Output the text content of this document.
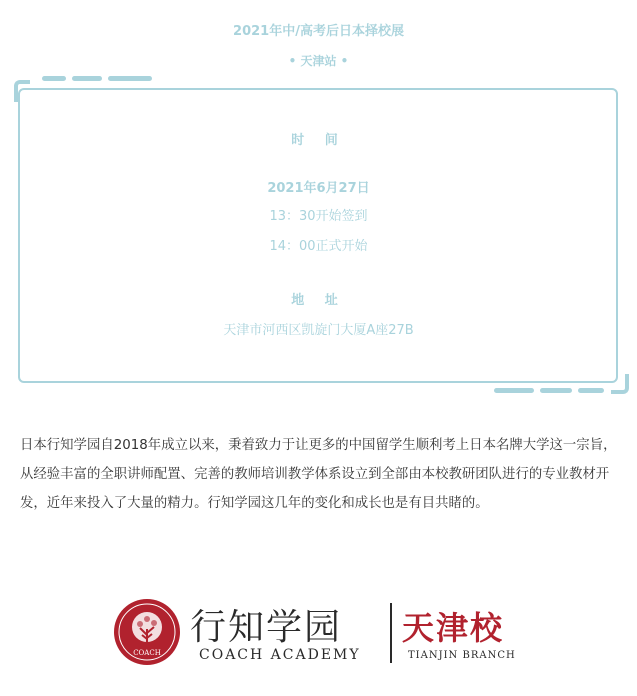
2021年中/高考后日本择校展
• 天津站 •
时 间
2021年6月27日
13：30开始签到
14：00正式开始
地 址
天津市河西区凯旋门大厦A座27B
日本行知学园自2018年成立以来，秉着致力于让更多的中国留学生顺利考上日本名牌大学这一宗旨，从经验丰富的全职讲师配置、完善的教师培训教学体系设立到全部由本校教研团队进行的专业教材开发，近年来投入了大量的精力。行知学园这几年的变化和成长也是有目共睹的。
COACH
行知学园
COACH ACADEMY
天津校
TIANJIN BRANCH
